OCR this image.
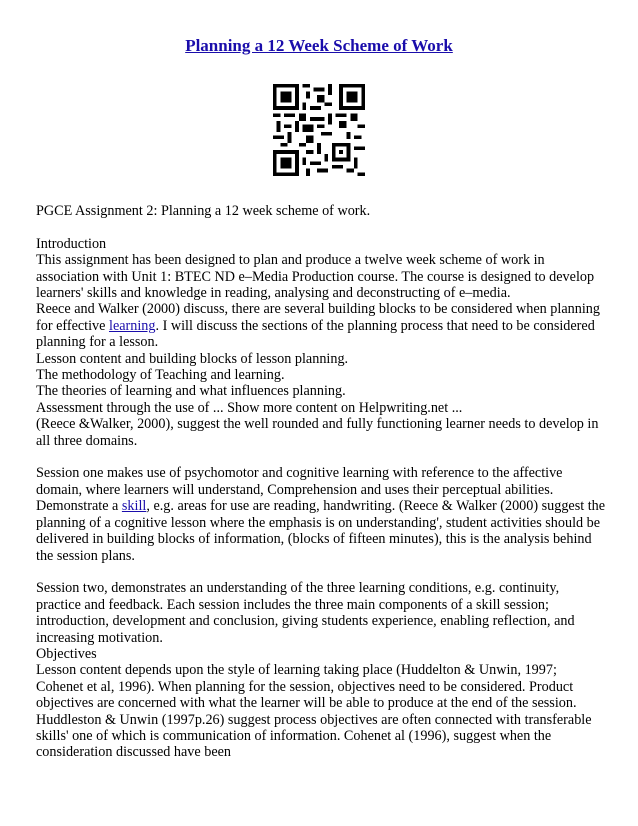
Planning a 12 Week Scheme of Work

PGCE Assignment 2: Planning a 12 week scheme of work.

Introduction

This assignment has been designed to plan and produce a twelve week scheme of work in association with Unit 1: BTEC ND e–Media Production course. The course is designed to develop learners' skills and knowledge in reading, analysing and deconstructing of e–media.

Reece and Walker (2000) discuss, there are several building blocks to be considered when planning for effective learning. I will discuss the sections of the planning process that need to be considered planning for a lesson.

Lesson content and building blocks of lesson planning.

The methodology of Teaching and learning.

The theories of learning and what influences planning.

Assessment through the use of ... Show more content on Helpwriting.net ...

(Reece &Walker, 2000), suggest the well rounded and fully functioning learner needs to develop in all three domains.

Session one makes use of psychomotor and cognitive learning with reference to the affective domain, where learners will understand, Comprehension and uses their perceptual abilities. Demonstrate a skill, e.g. areas for use are reading, handwriting. (Reece & Walker (2000) suggest the planning of a cognitive lesson where the emphasis is on understanding', student activities should be delivered in building blocks of information, (blocks of fifteen minutes), this is the analysis behind the session plans.

Session two, demonstrates an understanding of the three learning conditions, e.g. continuity, practice and feedback. Each session includes the three main components of a skill session; introduction, development and conclusion, giving students experience, enabling reflection, and increasing motivation.

Objectives

Lesson content depends upon the style of learning taking place (Huddelton & Unwin, 1997; Cohenet et al, 1996). When planning for the session, objectives need to be considered. Product objectives are concerned with what the learner will be able to produce at the end of the session.

Huddleston & Unwin (1997p.26) suggest process objectives are often connected with transferable skills' one of which is communication of information. Cohenet al (1996), suggest when the consideration discussed have been
